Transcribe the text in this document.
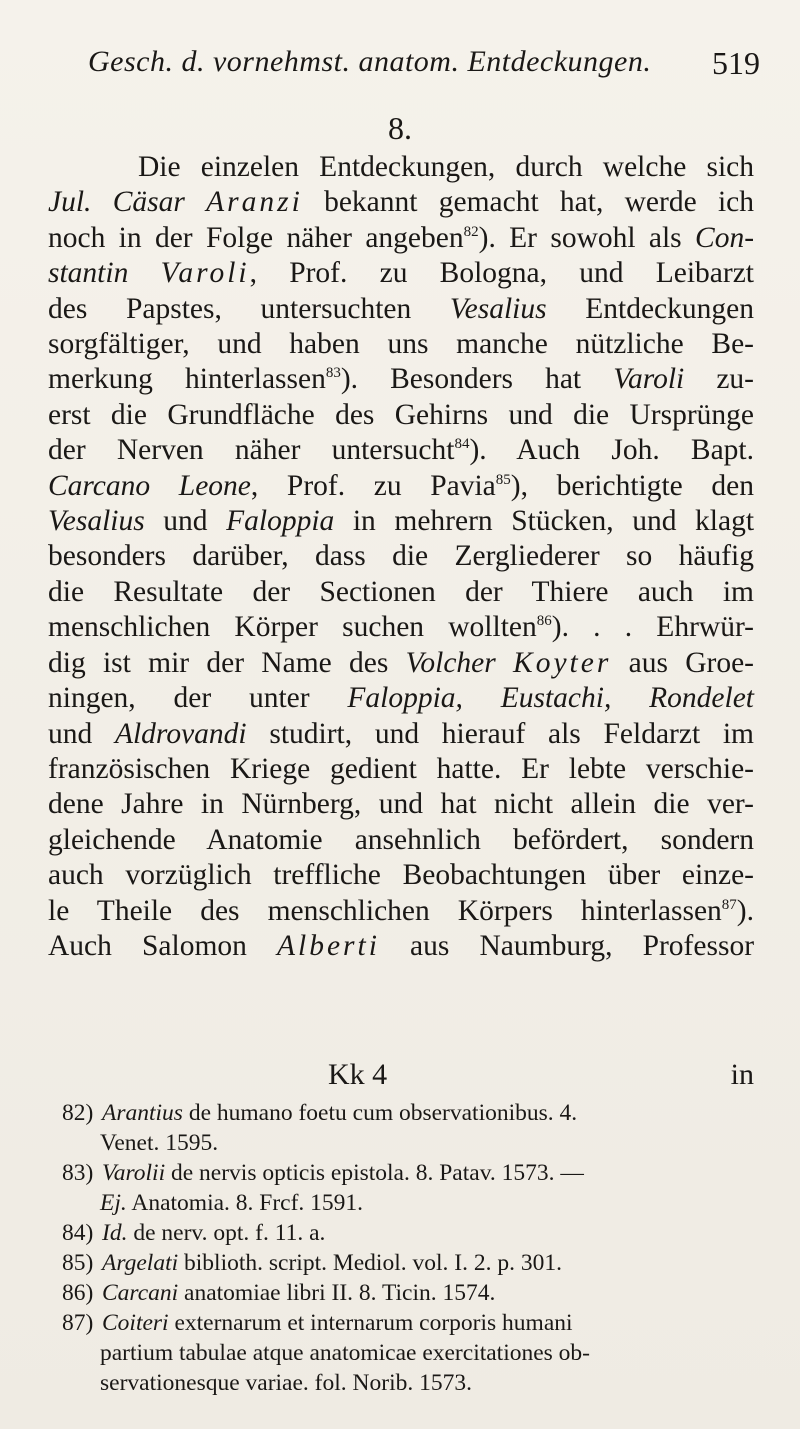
Gesch. d. vornehmst. anatom. Entdeckungen. 519
8.
Die einzelen Entdeckungen, durch welche sich
Jul. Cäsar Aranzi bekannt gemacht hat, werde ich
noch in der Folge näher angeben$^{82}$). Er sowohl als Con-
stantin Varoli, Prof. zu Bologna, und Leibarzt
des Papstes, untersuchten Vesalius Entdeckungen
sorgfältiger, und haben uns manche nützliche Be-
merkung hinterlassen$^{83}$). Besonders hat Varoli zu-
erst die Grundfläche des Gehirns und die Ursprünge
der Nerven näher untersucht$^{84}$). Auch Joh. Bapt.
Carcano Leone, Prof. zu Pavia$^{85}$), berichtigte den
Vesalius und Faloppia in mehrern Stücken, und klagt
besonders darüber, dass die Zergliederer so häufig
die Resultate der Sectionen der Thiere auch im
menschlichen Körper suchen wollten$^{86}$). . . Ehrwür-
dig ist mir der Name des Volcher Koyter aus Groe-
ningen, der unter Faloppia, Eustachi, Rondelet
und Aldrovandi studirt, und hierauf als Feldarzt im
französischen Kriege gedient hatte. Er lebte verschie-
dene Jahre in Nürnberg, und hat nicht allein die ver-
gleichende Anatomie ansehnlich befördert, sondern
auch vorzüglich treffliche Beobachtungen über einze-
le Theile des menschlichen Körpers hinterlassen$^{87}$).
Auch Salomon Alberti aus Naumburg, Professor
Kk 4	in
82) Arantius de humano foetu cum observationibus. 4.
Venet. 1595.
83) Varolii de nervis opticis epistola. 8. Patav. 1573. —
Ej. Anatomia. 8. Frcf. 1591.
84) Id. de nerv. opt. f. 11. a.
85) Argelati biblioth. script. Mediol. vol. I. 2. p. 301.
86) Carcani anatomiae libri II. 8. Ticin. 1574.
87) Coiteri externarum et internarum corporis humani
partium tabulae atque anatomicae exercitationes ob-
servationesque variae. fol. Norib. 1573.
